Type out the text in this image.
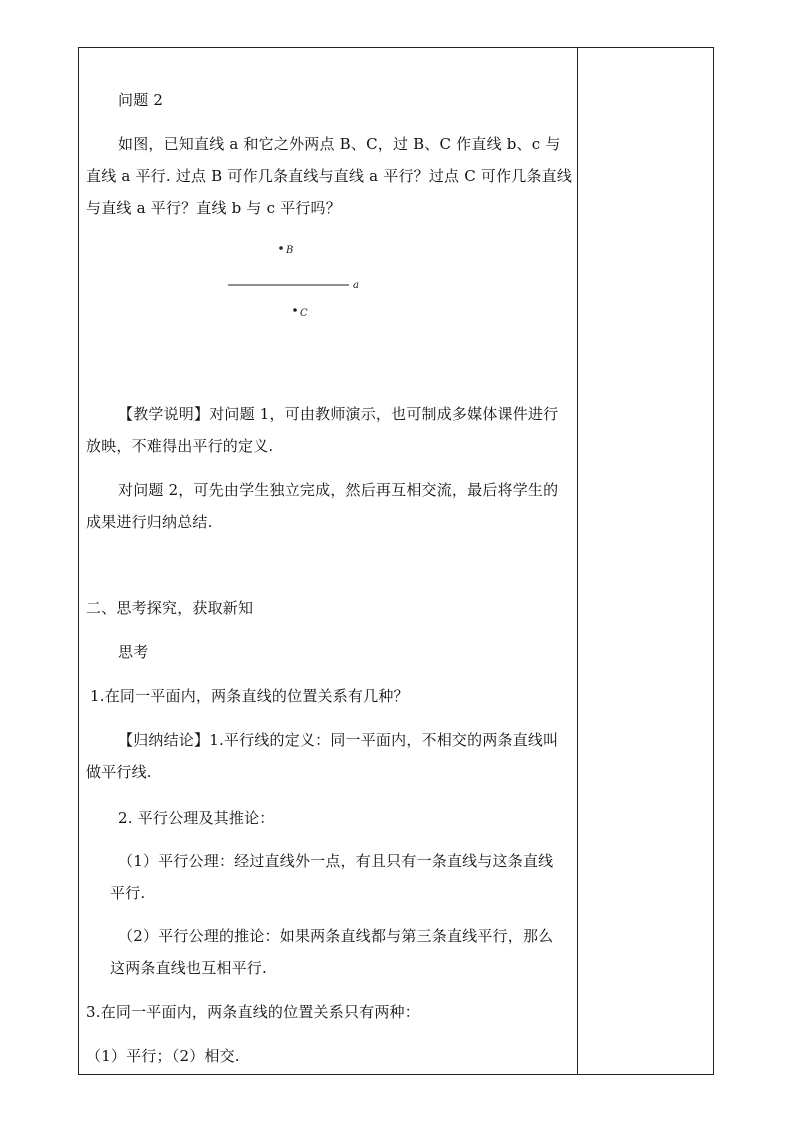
问题 2
如图，已知直线 a 和它之外两点 B、C，过 B、C 作直线 b、c 与
直线 a 平行. 过点 B 可作几条直线与直线 a 平行？过点 C 可作几条直线
与直线 a 平行？直线 b 与 c 平行吗？
B
a
C
【教学说明】对问题 1，可由教师演示，也可制成多媒体课件进行
放映，不难得出平行的定义.
对问题 2，可先由学生独立完成，然后再互相交流，最后将学生的
成果进行归纳总结.
二、思考探究，获取新知
思考
1.在同一平面内，两条直线的位置关系有几种？
【归纳结论】1.平行线的定义：同一平面内，不相交的两条直线叫
做平行线.
2. 平行公理及其推论：
（1）平行公理：经过直线外一点，有且只有一条直线与这条直线
平行.
（2）平行公理的推论：如果两条直线都与第三条直线平行，那么
这两条直线也互相平行.
3.在同一平面内，两条直线的位置关系只有两种：
（1）平行；（2）相交.
